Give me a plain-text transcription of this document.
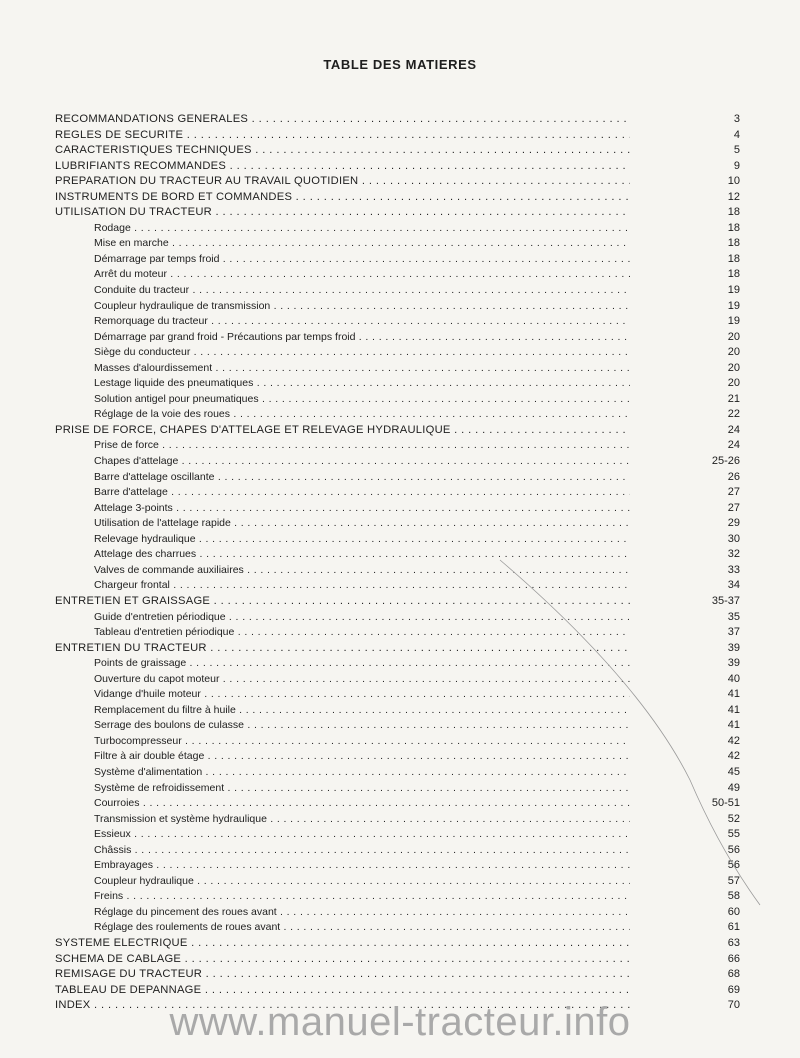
TABLE DES MATIERES
RECOMMANDATIONS GENERALES . . .	3
REGLES DE SECURITE . . .	4
CARACTERISTIQUES TECHNIQUES . . .	5
LUBRIFIANTS RECOMMANDES . . .	9
PREPARATION DU TRACTEUR AU TRAVAIL QUOTIDIEN . . .	10
INSTRUMENTS DE BORD ET COMMANDES . . .	12
UTILISATION DU TRACTEUR . . .	18
Rodage . . .	18
Mise en marche . . .	18
Démarrage par temps froid . . .	18
Arrêt du moteur . . .	18
Conduite du tracteur . . .	19
Coupleur hydraulique de transmission . . .	19
Remorquage du tracteur . . .	19
Démarrage par grand froid - Précautions par temps froid . . .	20
Siège du conducteur . . .	20
Masses d'alourdissement . . .	20
Lestage liquide des pneumatiques . . .	20
Solution antigel pour pneumatiques . . .	21
Réglage de la voie des roues . . .	22
PRISE DE FORCE, CHAPES D'ATTELAGE ET RELEVAGE HYDRAULIQUE . . .	24
Prise de force . . .	24
Chapes d'attelage . . .	25-26
Barre d'attelage oscillante . . .	26
Barre d'attelage . . .	27
Attelage 3-points . . .	27
Utilisation de l'attelage rapide . . .	29
Relevage hydraulique . . .	30
Attelage des charrues . . .	32
Valves de commande auxiliaires . . .	33
Chargeur frontal . . .	34
ENTRETIEN ET GRAISSAGE . . .	35-37
Guide d'entretien périodique . . .	35
Tableau d'entretien périodique . . .	37
ENTRETIEN DU TRACTEUR . . .	39
Points de graissage . . .	39
Ouverture du capot moteur . . .	40
Vidange d'huile moteur . . .	41
Remplacement du filtre à huile . . .	41
Serrage des boulons de culasse . . .	41
Turbocompresseur . . .	42
Filtre à air double étage . . .	42
Système d'alimentation . . .	45
Système de refroidissement . . .	49
Courroies . . .	50-51
Transmission et système hydraulique . . .	52
Essieux . . .	55
Châssis . . .	56
Embrayages . . .	56
Coupleur hydraulique . . .	57
Freins . . .	58
Réglage du pincement des roues avant . . .	60
Réglage des roulements de roues avant . . .	61
SYSTEME ELECTRIQUE . . .	63
SCHEMA DE CABLAGE . . .	66
REMISAGE DU TRACTEUR . . .	68
TABLEAU DE DEPANNAGE . . .	69
INDEX . . .	70
www.manuel-tracteur.info
